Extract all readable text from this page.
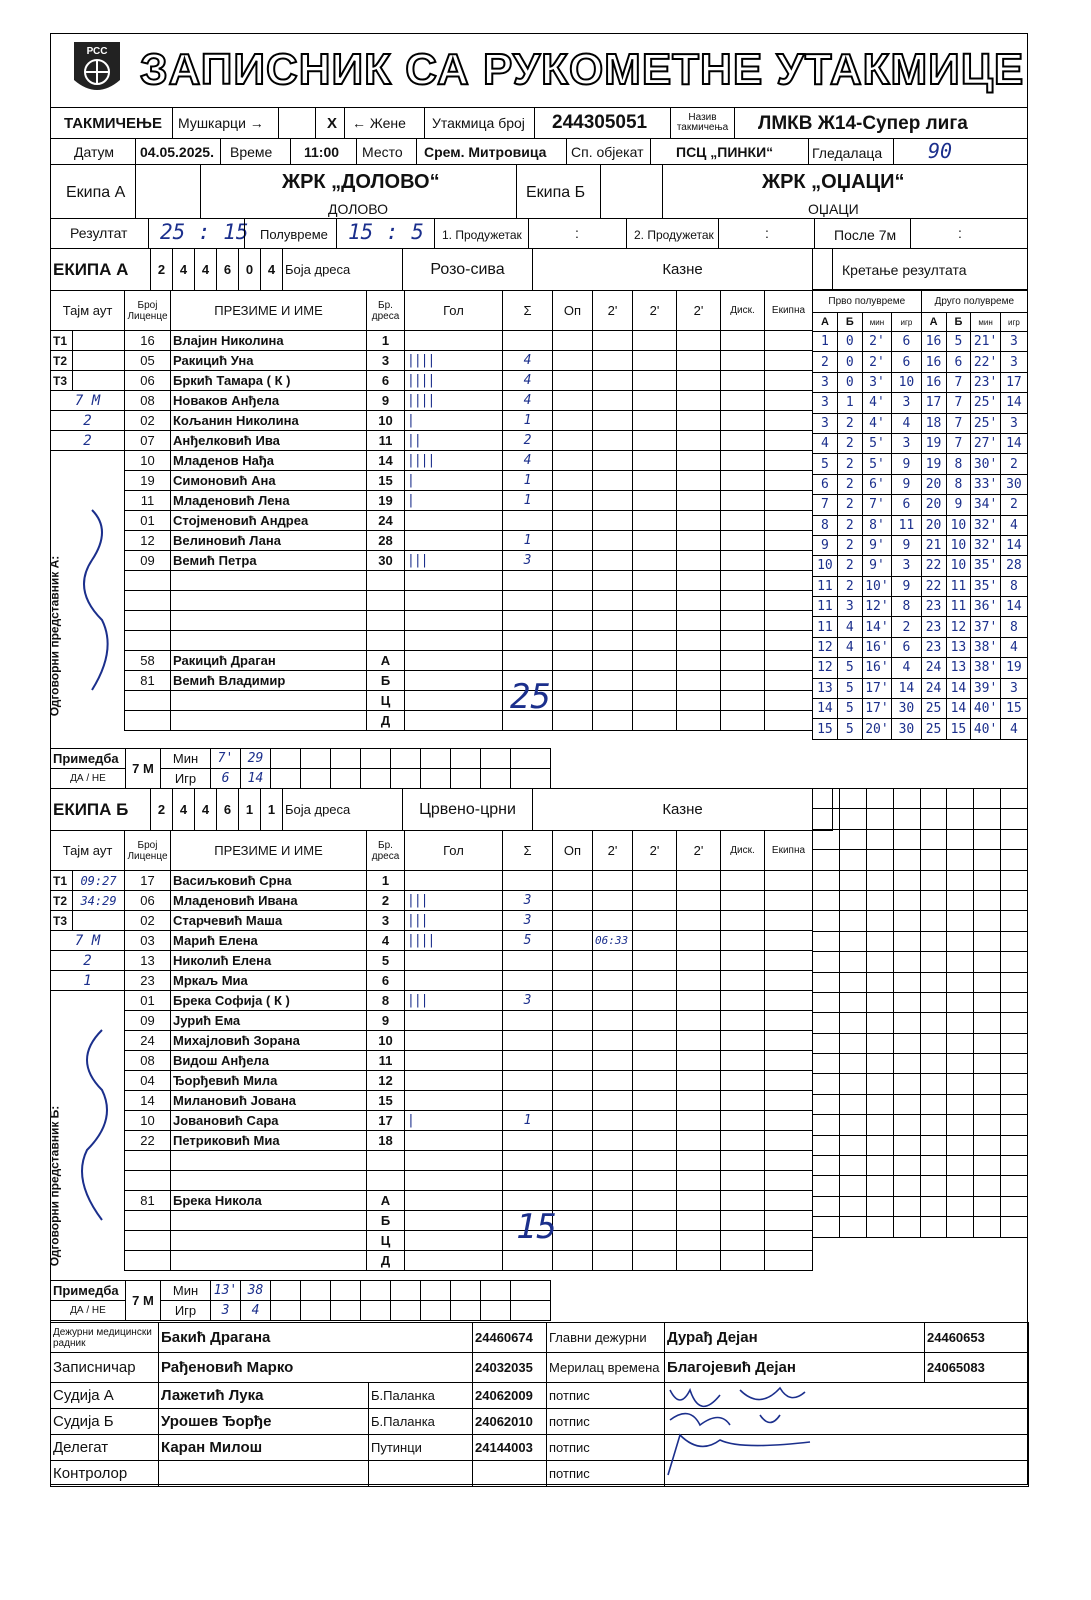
РСС ЗАПИСНИК СА РУКОМЕТНЕ УТАКМИЦЕ
ТАКМИЧЕЊЕ Мушкарци →	X ← Жене Утакмица број 244305051	Назив такмичења ЛМКВ Ж14-Супер лига
Датум 04.05.2025. Време 11:00 Место Срем. Митровица Сп. објекат ПСЦ „ПИНКИ“	Гледалаца 90
Екипа А	ЖРК „ДОЛОВО“
ДОЛОВО
Екипа Б	ЖРК „ОЏАЦИ“
ОЏАЦИ
Резултат 25 : 15 Полувреме 15 : 5 1. Продужетак	:	2. Продужетак	:	После 7м	:
ЕКИПА А	2	4	4	6	0	4	Боја дреса	Розо-сива	Казне
Тајм аут		Број Лиценце	ПРЕЗИМЕ И ИМЕ	Бр. дреса	Гол	Σ	Оп	2'	2'	2'	Диск.	Екипна
Т1		16	Влајин Николина	1								
Т2		05	Ракицић Уна	3	||||	4						
Т3		06	Бркић Тамара ( К )	6	||||	4						
7 М		08	Новаков Анђела	9	||||	4						
2		02	Кољанин Николина	10	|	1						
2		07	Анђелковић Ива	11	||	2						
		10	Младенов Нађа	14	||||	4						
		19	Симоновић Ана	15	|	1						
		11	Младеновић Лена	19	|	1						
		01	Стојменовић Андреа	24								
		12	Велиновић Лана	28		1						
		09	Вемић Петра	30	|||	3						

		58	Ракицић Драган	А								
		81	Вемић Владимир	Б								
				Ц								
				Д								
Примедба	7 М	Мин	7'	29									
ДА / НЕ		Игр	6	14									
25
Кретање резултата
Прво полувреме				Друго полувреме			
А	Б	мин	игр	А	Б	мин	игр
1	0	2'	6	16	5	21'	3
2	0	2'	6	16	6	22'	3
3	0	3'	10	16	7	23'	17
3	1	4'	3	17	7	25'	14
3	2	4'	4	18	7	25'	3
4	2	5'	3	19	7	27'	14
5	2	5'	9	19	8	30'	2
6	2	6'	9	20	8	33'	30
7	2	7'	6	20	9	34'	2
8	2	8'	11	20	10	32'	4
9	2	9'	9	21	10	32'	14
10	2	9'	3	22	10	35'	28
11	2	10'	9	22	11	35'	8
11	3	12'	8	23	11	36'	14
11	4	14'	2	23	12	37'	8
12	4	16'	6	23	13	38'	4
12	5	16'	4	24	13	38'	19
13	5	17'	14	24	14	39'	3
14	5	17'	30	25	14	40'	15
15	5	20'	30	25	15	40'	4
ЕКИПА Б	2	4	4	6	1	1	Боја дреса	Црвено-црни	Казне
Тајм аут		Број Лиценце	ПРЕЗИМЕ И ИМЕ	Бр. дреса	Гол	Σ	Оп	2'	2'	2'	Диск.	Екипна
Т1	09:27	17	Васиљковић Срна	1								
Т2	34:29	06	Младеновић Ивана	2	|||	3						
Т3		02	Старчевић Маша	3	|||	3						
7 М		03	Марић Елена	4	||||	5		06:33				
2		13	Николић Елена	5								
1		23	Мркаљ Миа	6								
		01	Брека Софија ( К )	8	|||	3						
		09	Јурић Ема	9								
		24	Михајловић Зорана	10								
		08	Видош Анђела	11								
		04	Ђорђевић Мила	12								
		14	Милановић Јована	15								
		10	Јовановић Сара	17	|	1						
		22	Петриковић Миа	18								

		81	Брека Никола	А								
				Б								
				Ц								
				Д								
Примедба	7 М	Мин	13'	38									
ДА / НЕ		Игр	3	4									
15
Одговорни представник А:
Одговорни представник Б:
Дежурни медицински радник	Бакић Драгана		24460674	Главни дежурни	Дурађ Дејан	24460653
Записничар	Рађеновић Марко		24032035	Мерилац времена	Благојевић Дејан	24065083
Судија А	Лажетић Лука	Б.Паланка	24062009	потпис		
Судија Б	Урошев Ђорђе	Б.Паланка	24062010	потпис		
Делегат	Каран Милош	Путинци	24144003	потпис		
Контролор				потпис		
